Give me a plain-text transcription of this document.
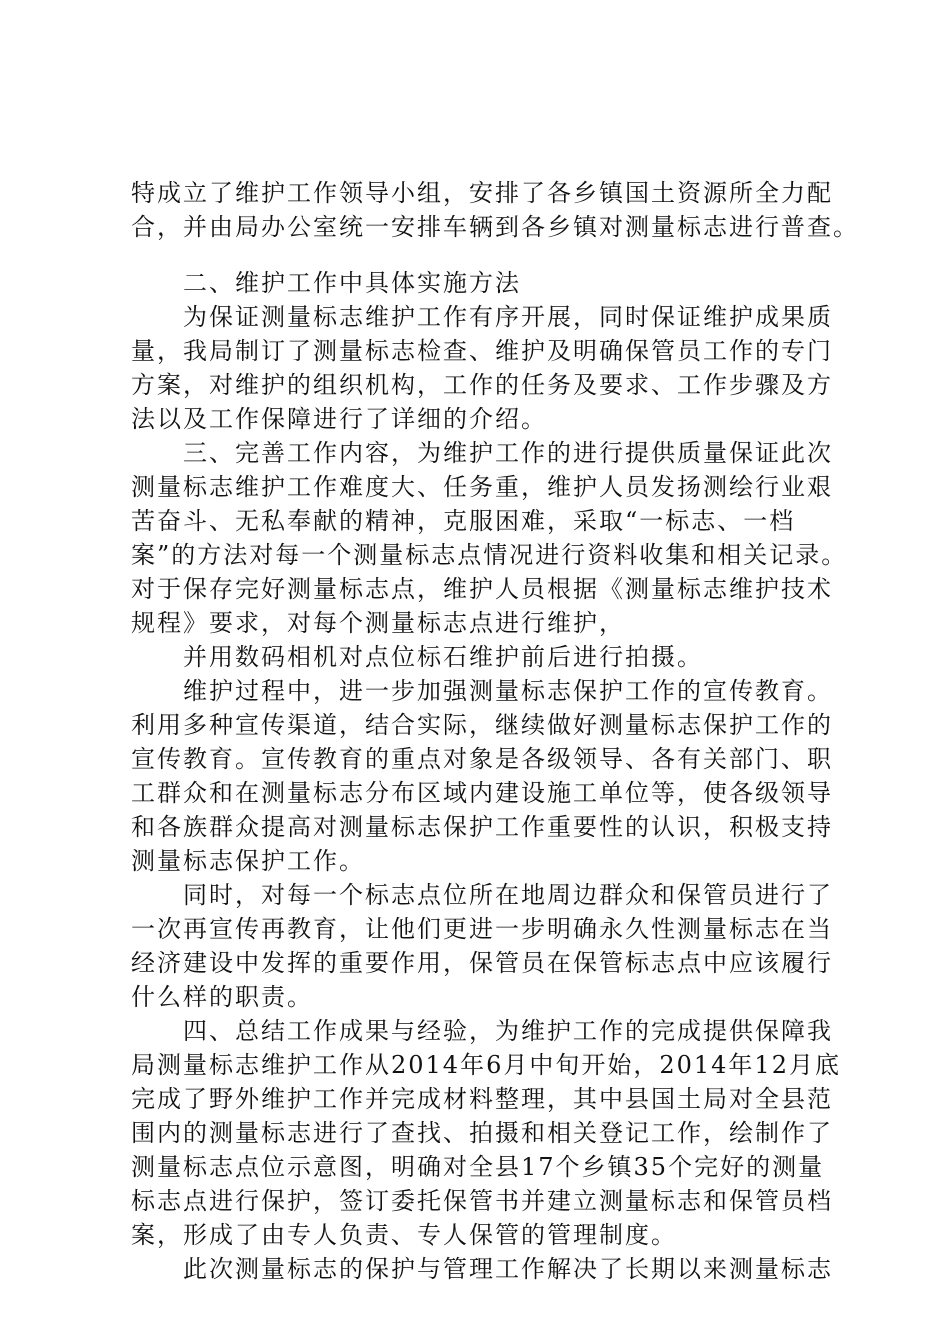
特成立了维护工作领导小组，安排了各乡镇国土资源所全力配
合，并由局办公室统一安排车辆到各乡镇对测量标志进行普查。
　　二、维护工作中具体实施方法
　　为保证测量标志维护工作有序开展，同时保证维护成果质
量，我局制订了测量标志检查、维护及明确保管员工作的专门
方案，对维护的组织机构，工作的任务及要求、工作步骤及方
法以及工作保障进行了详细的介绍。
　　三、完善工作内容，为维护工作的进行提供质量保证此次
测量标志维护工作难度大、任务重，维护人员发扬测绘行业艰
苦奋斗、无私奉献的精神，克服困难，采取“一标志、一档
案”的方法对每一个测量标志点情况进行资料收集和相关记录。
对于保存完好测量标志点，维护人员根据《测量标志维护技术
规程》要求，对每个测量标志点进行维护，
　　并用数码相机对点位标石维护前后进行拍摄。
　　维护过程中，进一步加强测量标志保护工作的宣传教育。
利用多种宣传渠道，结合实际，继续做好测量标志保护工作的
宣传教育。宣传教育的重点对象是各级领导、各有关部门、职
工群众和在测量标志分布区域内建设施工单位等，使各级领导
和各族群众提高对测量标志保护工作重要性的认识，积极支持
测量标志保护工作。
　　同时，对每一个标志点位所在地周边群众和保管员进行了
一次再宣传再教育，让他们更进一步明确永久性测量标志在当
经济建设中发挥的重要作用，保管员在保管标志点中应该履行
什么样的职责。
　　四、总结工作成果与经验，为维护工作的完成提供保障我
局测量标志维护工作从2014年6月中旬开始，2014年12月底
完成了野外维护工作并完成材料整理，其中县国土局对全县范
围内的测量标志进行了查找、拍摄和相关登记工作，绘制作了
测量标志点位示意图，明确对全县17个乡镇35个完好的测量
标志点进行保护，签订委托保管书并建立测量标志和保管员档
案，形成了由专人负责、专人保管的管理制度。
　　此次测量标志的保护与管理工作解决了长期以来测量标志
